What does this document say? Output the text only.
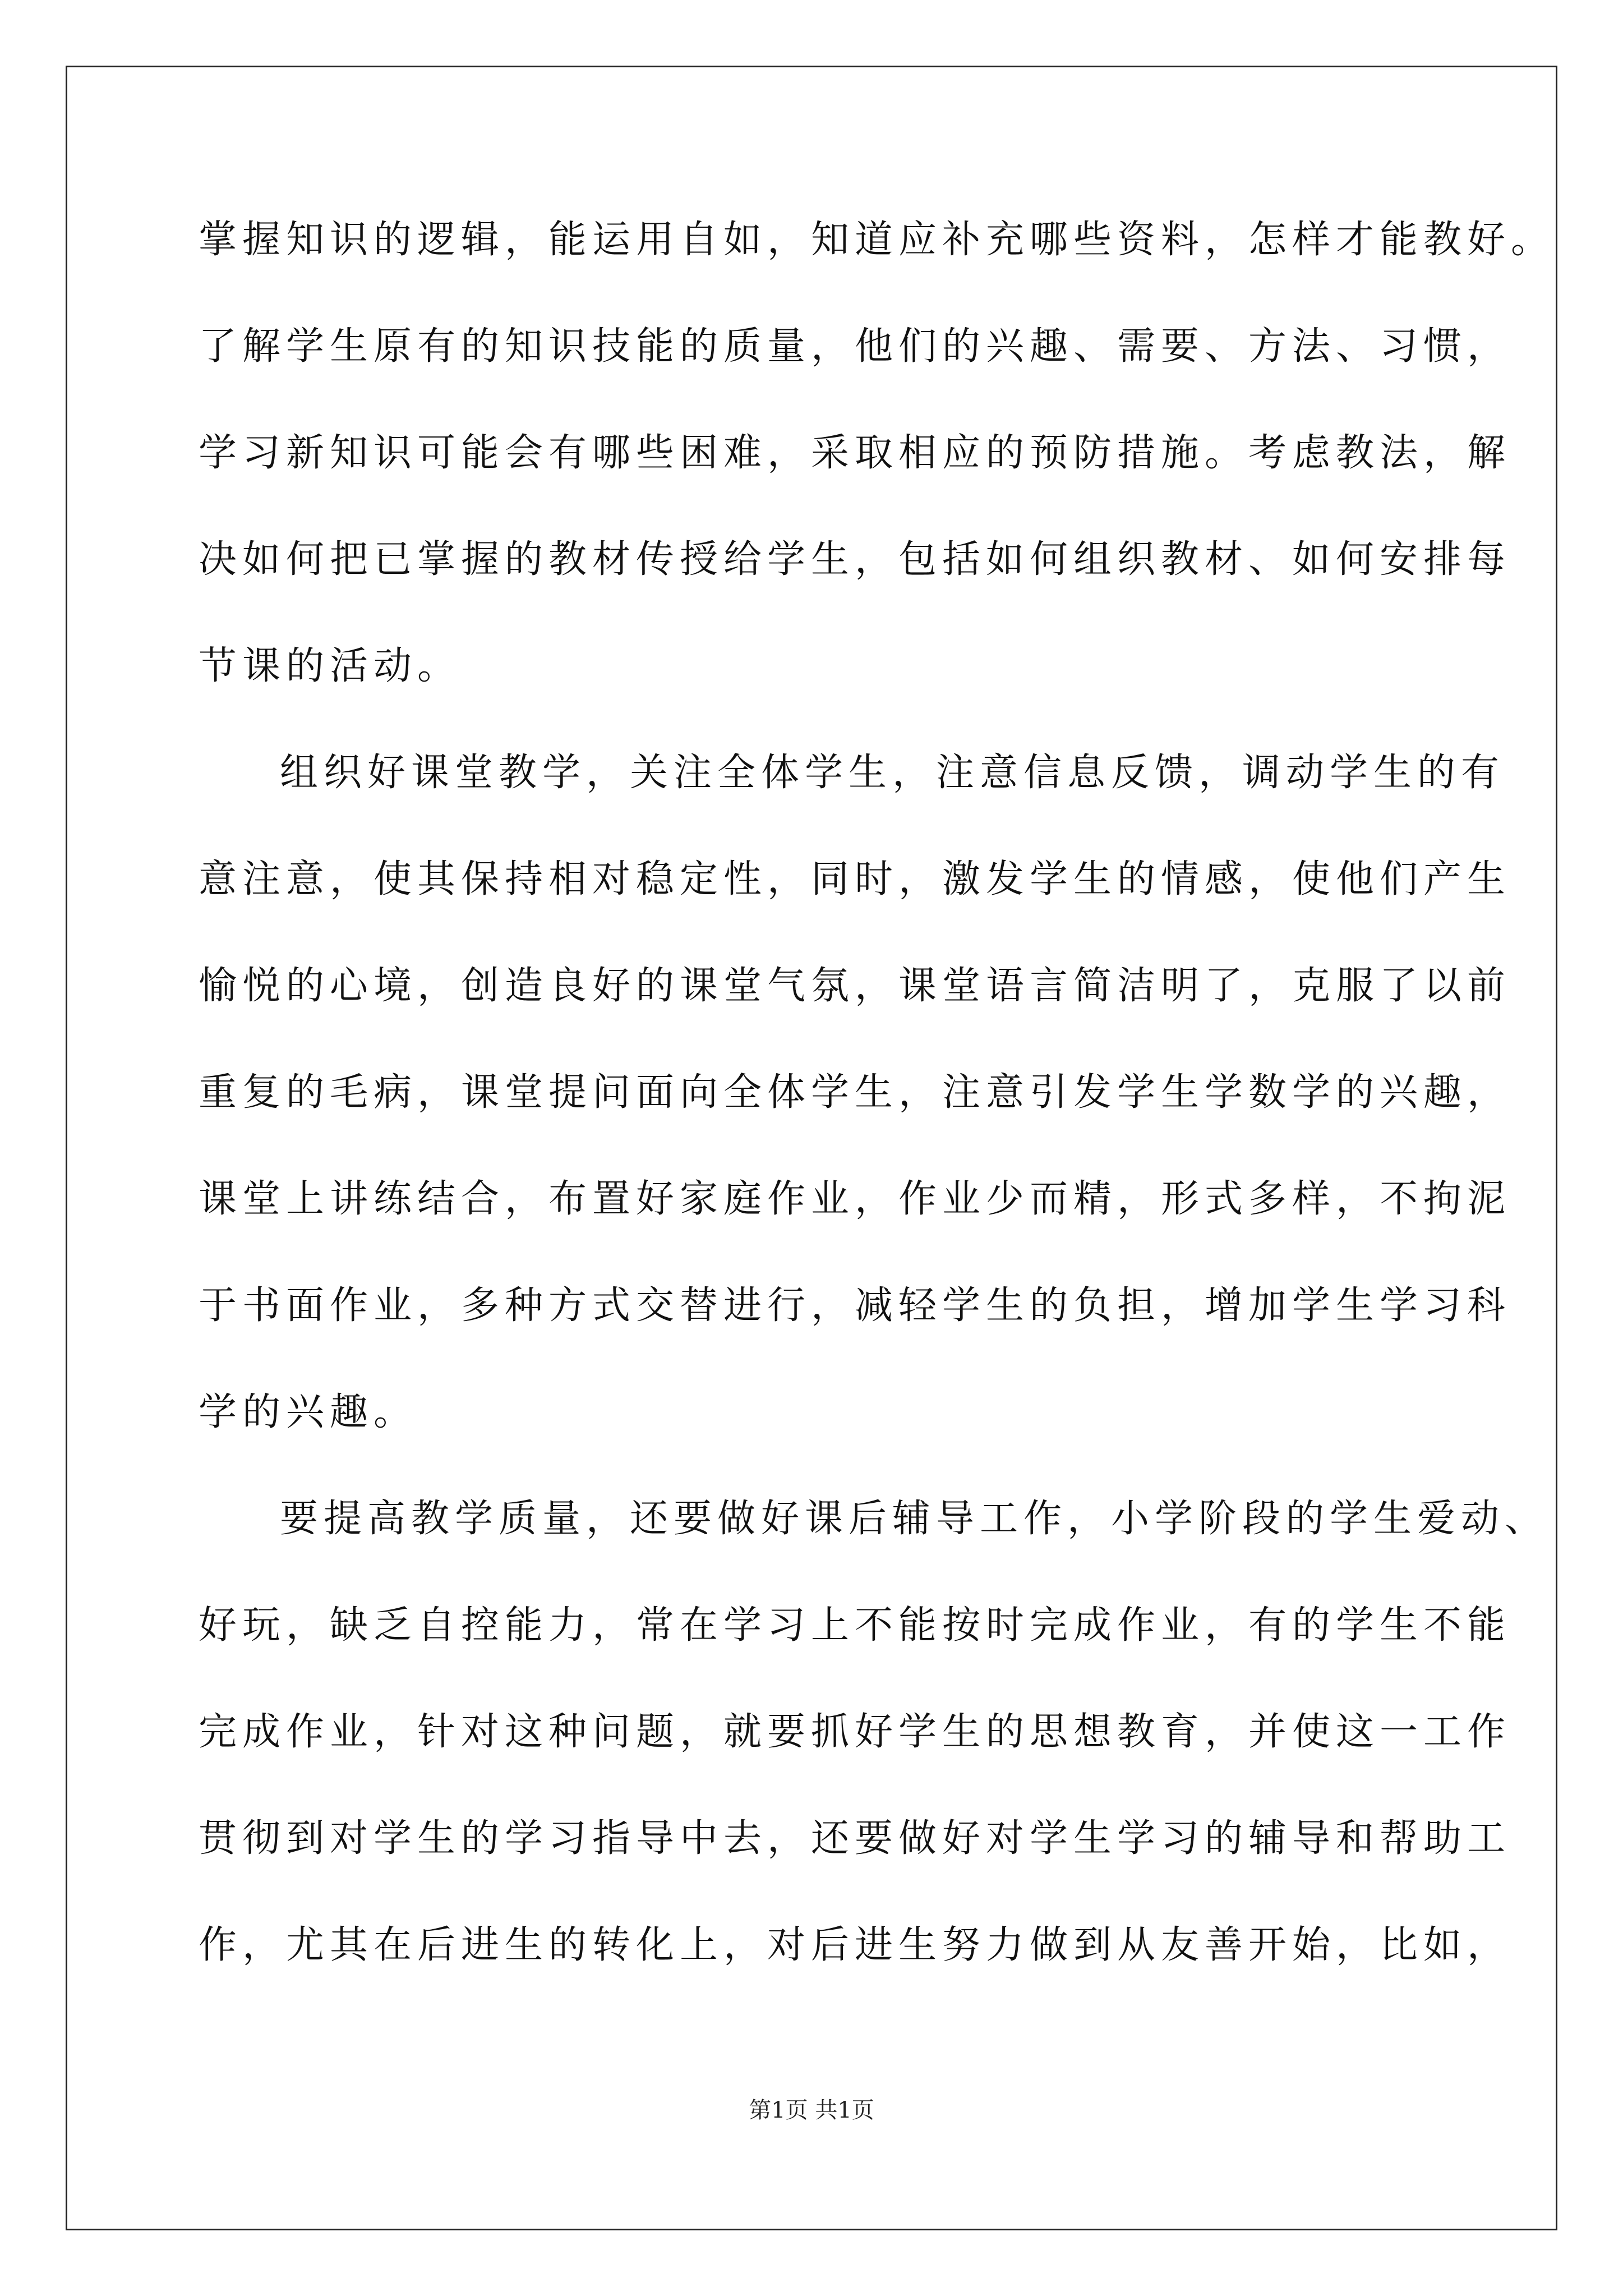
掌握知识的逻辑，能运用自如，知道应补充哪些资料，怎样才能教好。
了解学生原有的知识技能的质量，他们的兴趣、需要、方法、习惯，
学习新知识可能会有哪些困难，采取相应的预防措施。考虑教法，解
决如何把已掌握的教材传授给学生，包括如何组织教材、如何安排每
节课的活动。
组织好课堂教学，关注全体学生，注意信息反馈，调动学生的有
意注意，使其保持相对稳定性，同时，激发学生的情感，使他们产生
愉悦的心境，创造良好的课堂气氛，课堂语言简洁明了，克服了以前
重复的毛病，课堂提问面向全体学生，注意引发学生学数学的兴趣，
课堂上讲练结合，布置好家庭作业，作业少而精，形式多样，不拘泥
于书面作业，多种方式交替进行，减轻学生的负担，增加学生学习科
学的兴趣。
要提高教学质量，还要做好课后辅导工作，小学阶段的学生爱动、
好玩，缺乏自控能力，常在学习上不能按时完成作业，有的学生不能
完成作业，针对这种问题，就要抓好学生的思想教育，并使这一工作
贯彻到对学生的学习指导中去，还要做好对学生学习的辅导和帮助工
作，尤其在后进生的转化上，对后进生努力做到从友善开始，比如，
第1页 共1页
